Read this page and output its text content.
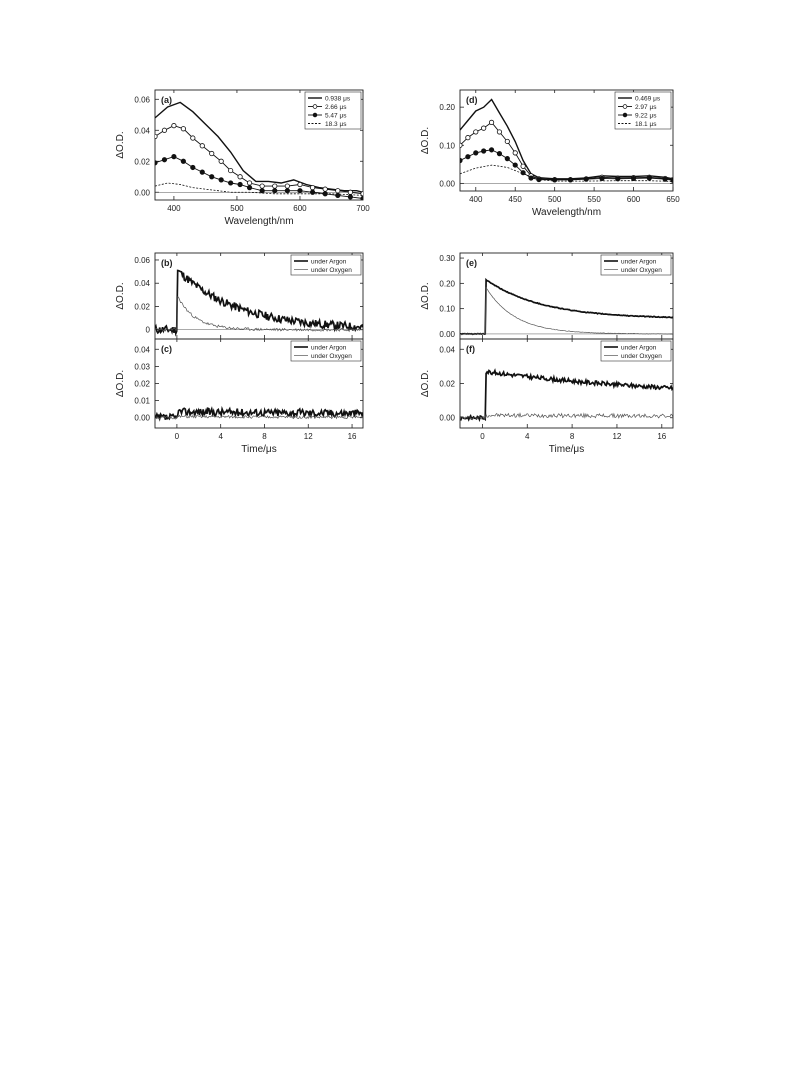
400	500	600	700
0.00
0.02
0.04
0.06
ΔO.D.
Wavelength/nm
(a)	0.938 μs
2.66 μs
5.47 μs
18.3 μs
400	450	500	550	600	650
0.00
0.10
0.20
ΔO.D.
Wavelength/nm
(d)	0.469 μs
2.97 μs
9.22 μs
18.1 μs
0
0.02
0.04
0.06
ΔO.D.
(b)	under Argon
under Oxygen
0	4	8	12	16
0.00
0.01
0.02
0.03
0.04
ΔO.D.
Time/μs
(c)	under Argon
under Oxygen
0.00
0.10
0.20
0.30
ΔO.D.
(e)	under Argon
under Oxygen
0	4	8	12	16
0.00
0.02
0.04
ΔO.D.
Time/μs
(f)	under Argon
under Oxygen
